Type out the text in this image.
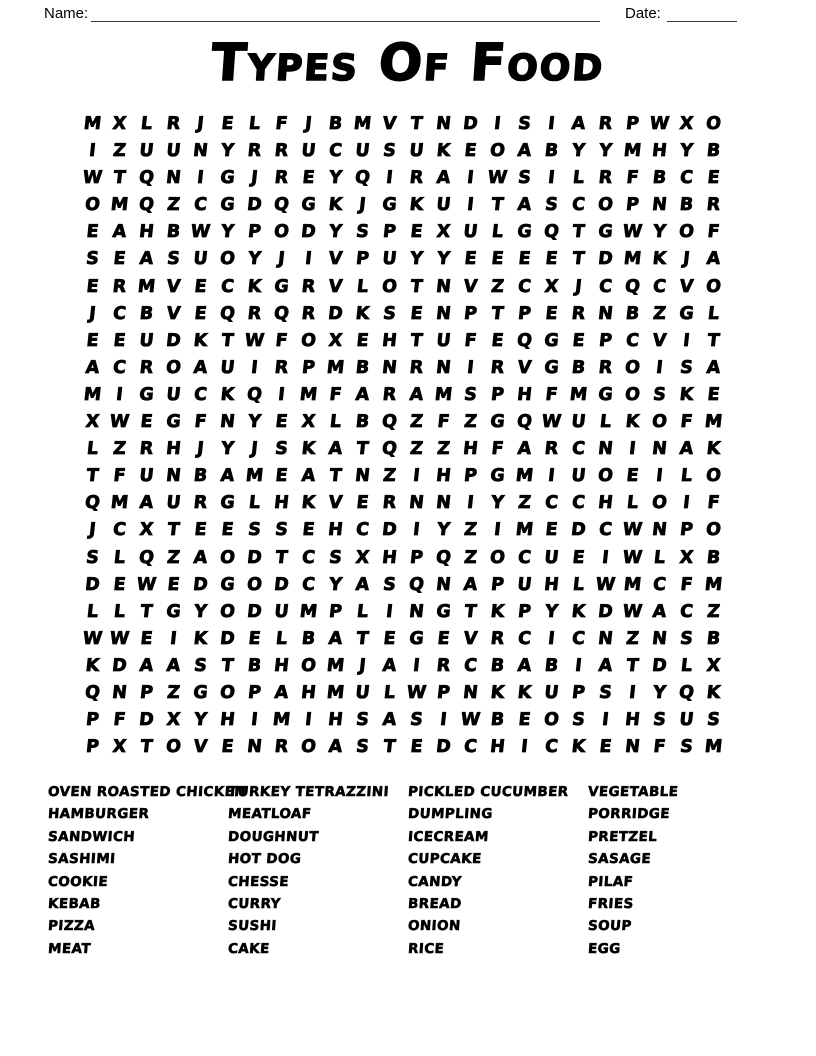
Name:	Date:
Types Of Food
M X L R J E L F J B M V T N D I S I A R P W X O
I Z U U N Y R R U C U S U K E O A B Y Y M H Y B
W T Q N I G J R E Y Q I R A I W S I L R F B C E
O M Q Z C G D Q G K J G K U I T A S C O P N B R
E A H B W Y P O D Y S P E X U L G Q T G W Y O F
S E A S U O Y J	I V P U Y Y E E E E T D M K J A
E R M V E C K G R V L O T N V Z C X J C Q C V O
J C B V E Q R Q R D K S E N P T P E R N B Z G L
E E U D K T W F O X E H T U F E Q G E P C V I T
A C R O A U I R P M B N R N I R V G B R O I S A
M I G U C K Q I M F A R A M S P H F M G O S K E
X W E G F N Y E X L B Q Z F Z G Q W U L K O F M
L Z R H J Y J S K A T Q Z Z H F A R C N I N A K
T F U N B A M E A T N Z I H P G M I U O E I L O
Q M A U R G L H K V E R N N I Y Z C C H L O I F
J C X T E E S S E H C D I Y Z I M E D C W N P O
S L Q Z A O D T C S X H P Q Z O C U E I W L X B
D E W E D G O D C Y A S Q N A P U H L W M C F M
L L T G Y O D U M P L I N G T K P Y K D W A C Z
W W E I K D E L B A T E G E V R C I C N Z N S B
K D A A S T B H O M J A I R C B A B I A T D L X
Q N P Z G O P A H M U L W P N K K U P S I Y Q K
P F D X Y H I M I H S A S I W B E O S I H S U S
P X T O V E N R O A S T E D C H I C K E N F S M
OVEN ROASTED CHICKEN
HAMBURGER
SANDWICH
SASHIMI
COOKIE
KEBAB
PIZZA
MEAT
TURKEY TETRAZZINI
MEATLOAF
DOUGHNUT
HOT DOG
CHESSE
CURRY
SUSHI
CAKE
PICKLED CUCUMBER
DUMPLING
ICECREAM
CUPCAKE
CANDY
BREAD
ONION
RICE
VEGETABLE
PORRIDGE
PRETZEL
SASAGE
PILAF
FRIES
SOUP
EGG
